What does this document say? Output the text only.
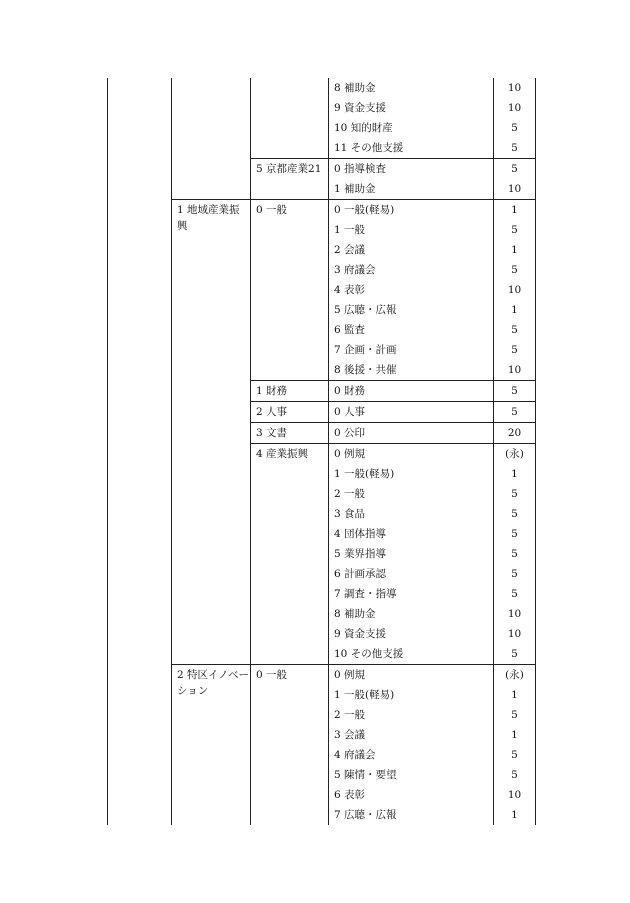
			8 補助金	10
			9 資金支援	10
			10 知的財産	5
			11 その他支援	5
		5 京都産業21	0 指導検査	5
			1 補助金	10
	1 地域産業振興	0 一般	0 一般(軽易)	1
			1 一般	5
			2 会議	1
			3 府議会	5
			4 表彰	10
			5 広聴・広報	1
			6 監査	5
			7 企画・計画	5
			8 後援・共催	10
		1 財務	0 財務	5
		2 人事	0 人事	5
		3 文書	0 公印	20
		4 産業振興	0 例規	(永)
			1 一般(軽易)	1
			2 一般	5
			3 食品	5
			4 団体指導	5
			5 業界指導	5
			6 計画承認	5
			7 調査・指導	5
			8 補助金	10
			9 資金支援	10
			10 その他支援	5
	2 特区イノベーション	0 一般	0 例規	(永)
			1 一般(軽易)	1
			2 一般	5
			3 会議	1
			4 府議会	5
			5 陳情・要望	5
			6 表彰	10
			7 広聴・広報	1
